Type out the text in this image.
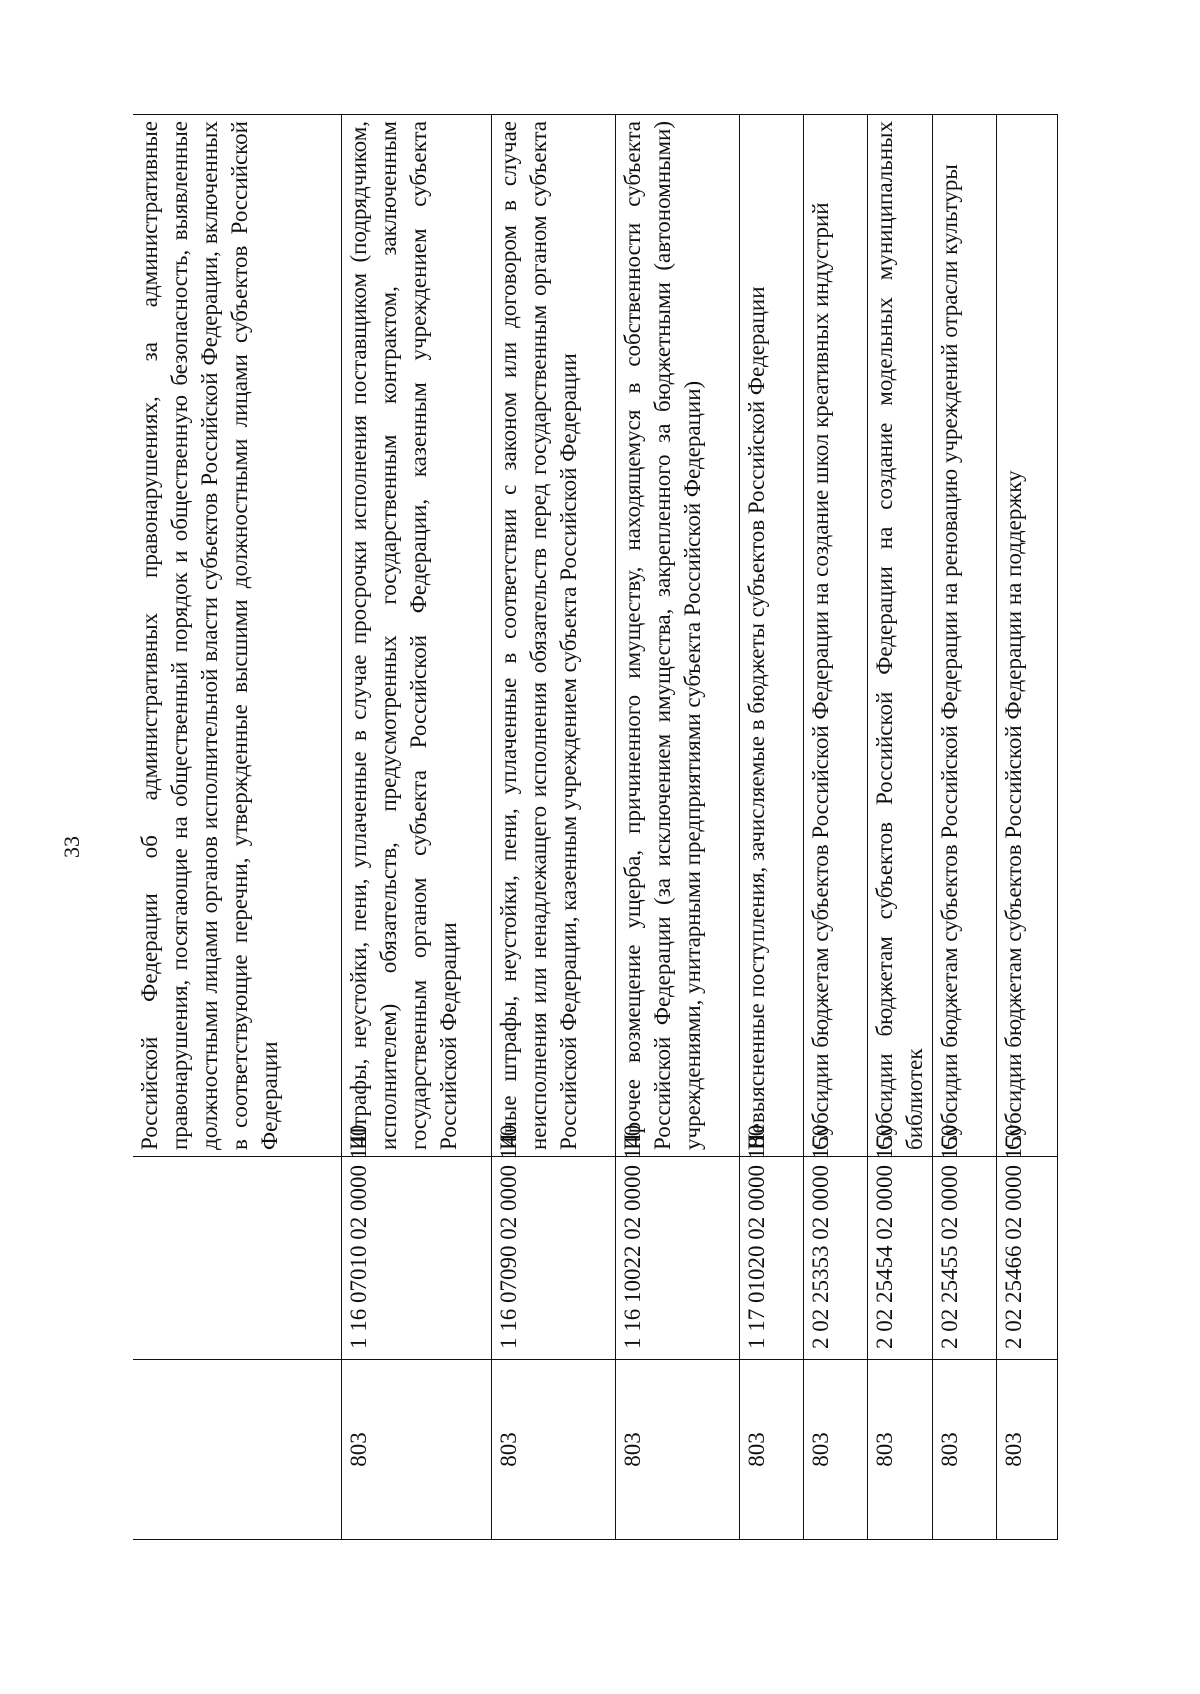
33
		Российской Федерации об административных правонарушениях, за административные правонарушения, посягающие на общественный порядок и общественную безопасность, выявленные должностными лицами органов исполнительной власти субъектов Российской Федерации, включенных в соответствующие перечни, утвержденные высшими должностными лицами субъектов Российской Федерации
803	1 16 07010 02 0000 140	Штрафы, неустойки, пени, уплаченные в случае просрочки исполнения поставщиком (подрядчиком, исполнителем) обязательств, предусмотренных государственным контрактом, заключенным государственным органом субъекта Российской Федерации, казенным учреждением субъекта Российской Федерации
803	1 16 07090 02 0000 140	Иные штрафы, неустойки, пени, уплаченные в соответствии с законом или договором в случае неисполнения или ненадлежащего исполнения обязательств перед государственным органом субъекта Российской Федерации, казенным учреждением субъекта Российской Федерации
803	1 16 10022 02 0000 140	Прочее возмещение ущерба, причиненного имуществу, находящемуся в собственности субъекта Российской Федерации (за исключением имущества, закрепленного за бюджетными (автономными) учреждениями, унитарными предприятиями субъекта Российской Федерации)
803	1 17 01020 02 0000 180	Невыясненные поступления, зачисляемые в бюджеты субъектов Российской Федерации
803	2 02 25353 02 0000 150	Субсидии бюджетам субъектов Российской Федерации на создание школ креативных индустрий
803	2 02 25454 02 0000 150	Субсидии бюджетам субъектов Российской Федерации на создание модельных муниципальных библиотек
803	2 02 25455 02 0000 150	Субсидии бюджетам субъектов Российской Федерации на реновацию учреждений отрасли культуры
803	2 02 25466 02 0000 150	Субсидии бюджетам субъектов Российской Федерации на поддержку
